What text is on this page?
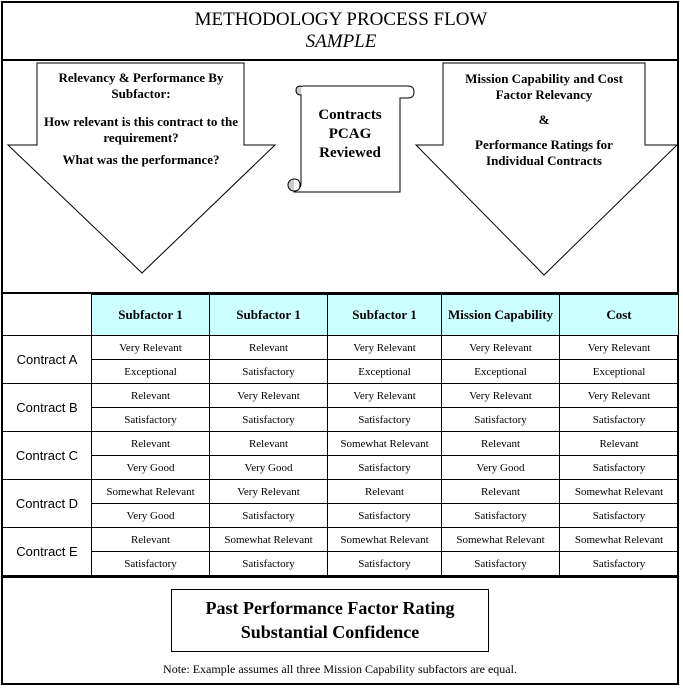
METHODOLOGY PROCESS FLOW
SAMPLE

Relevancy & Performance By Subfactor:

How relevant is this contract to the requirement?

What was the performance?

Contracts
PCAG
Reviewed

Mission Capability and Cost Factor Relevancy

&

Performance Ratings for Individual Contracts

	Subfactor 1	Subfactor 1	Subfactor 1	Mission Capability	Cost
Contract A	Very Relevant	Relevant	Very Relevant	Very Relevant	Very Relevant
	Exceptional	Satisfactory	Exceptional	Exceptional	Exceptional
Contract B	Relevant	Very Relevant	Very Relevant	Very Relevant	Very Relevant
	Satisfactory	Satisfactory	Satisfactory	Satisfactory	Satisfactory
Contract C	Relevant	Relevant	Somewhat Relevant	Relevant	Relevant
	Very Good	Very Good	Satisfactory	Very Good	Satisfactory
Contract D	Somewhat Relevant	Very Relevant	Relevant	Relevant	Somewhat Relevant
	Very Good	Satisfactory	Satisfactory	Satisfactory	Satisfactory
Contract E	Relevant	Somewhat Relevant	Somewhat Relevant	Somewhat Relevant	Somewhat Relevant
	Satisfactory	Satisfactory	Satisfactory	Satisfactory	Satisfactory
Past Performance Factor Rating
Substantial Confidence
Note: Example assumes all three Mission Capability subfactors are equal.
